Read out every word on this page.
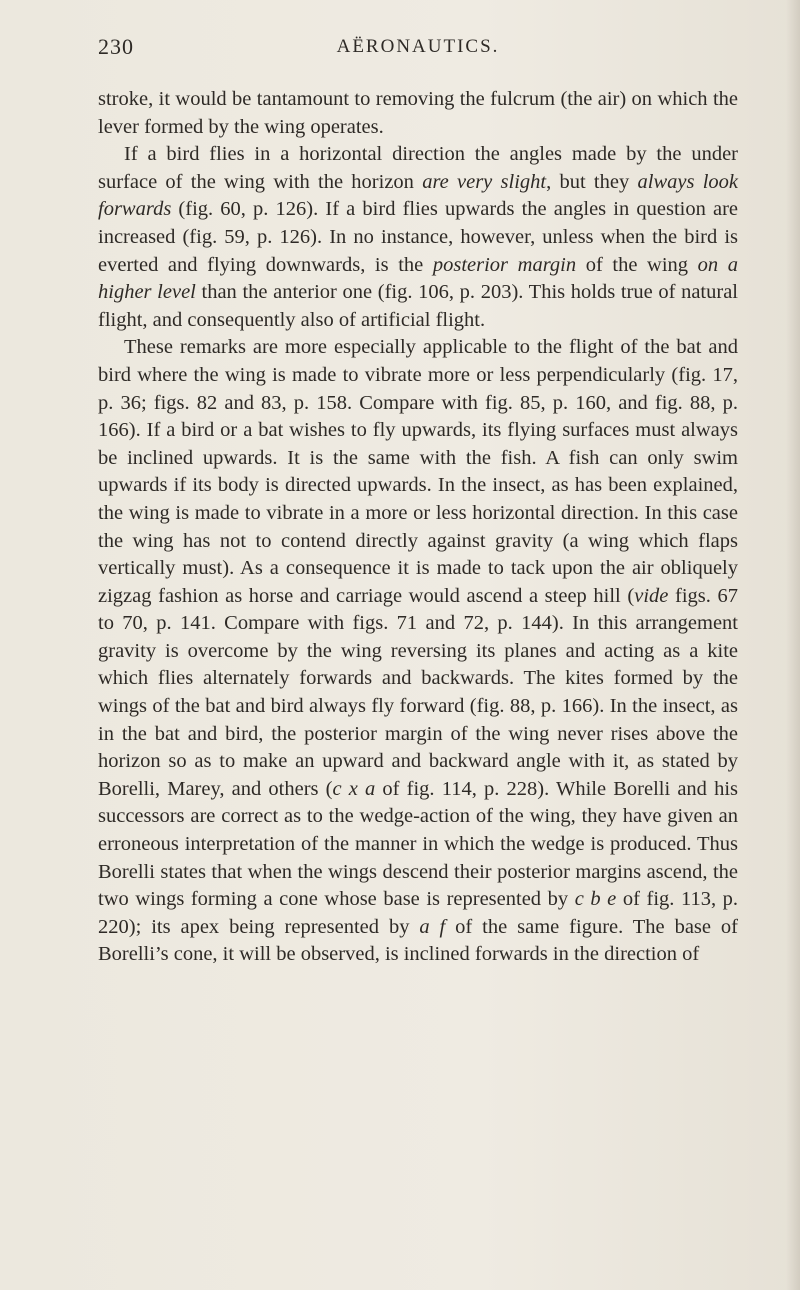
230	AËRONAUTICS.

stroke, it would be tantamount to removing the fulcrum (the air) on which the lever formed by the wing operates.

If a bird flies in a horizontal direction the angles made by the under surface of the wing with the horizon are very slight, but they always look forwards (fig. 60, p. 126). If a bird flies upwards the angles in question are increased (fig. 59, p. 126). In no instance, however, unless when the bird is everted and flying downwards, is the posterior margin of the wing on a higher level than the anterior one (fig. 106, p. 203). This holds true of natural flight, and consequently also of artificial flight.

These remarks are more especially applicable to the flight of the bat and bird where the wing is made to vibrate more or less perpendicularly (fig. 17, p. 36; figs. 82 and 83, p. 158. Compare with fig. 85, p. 160, and fig. 88, p. 166). If a bird or a bat wishes to fly upwards, its flying surfaces must always be inclined upwards. It is the same with the fish. A fish can only swim upwards if its body is directed upwards. In the insect, as has been explained, the wing is made to vibrate in a more or less horizontal direction. In this case the wing has not to contend directly against gravity (a wing which flaps vertically must). As a consequence it is made to tack upon the air obliquely zigzag fashion as horse and carriage would ascend a steep hill (vide figs. 67 to 70, p. 141. Compare with figs. 71 and 72, p. 144). In this arrangement gravity is overcome by the wing reversing its planes and acting as a kite which flies alternately forwards and backwards. The kites formed by the wings of the bat and bird always fly forward (fig. 88, p. 166). In the insect, as in the bat and bird, the posterior margin of the wing never rises above the horizon so as to make an upward and backward angle with it, as stated by Borelli, Marey, and others (c x a of fig. 114, p. 228). While Borelli and his successors are correct as to the wedge-action of the wing, they have given an erroneous interpretation of the manner in which the wedge is produced. Thus Borelli states that when the wings descend their posterior margins ascend, the two wings forming a cone whose base is represented by c b e of fig. 113, p. 220); its apex being represented by a f of the same figure. The base of Borelli’s cone, it will be observed, is inclined forwards in the direction of
